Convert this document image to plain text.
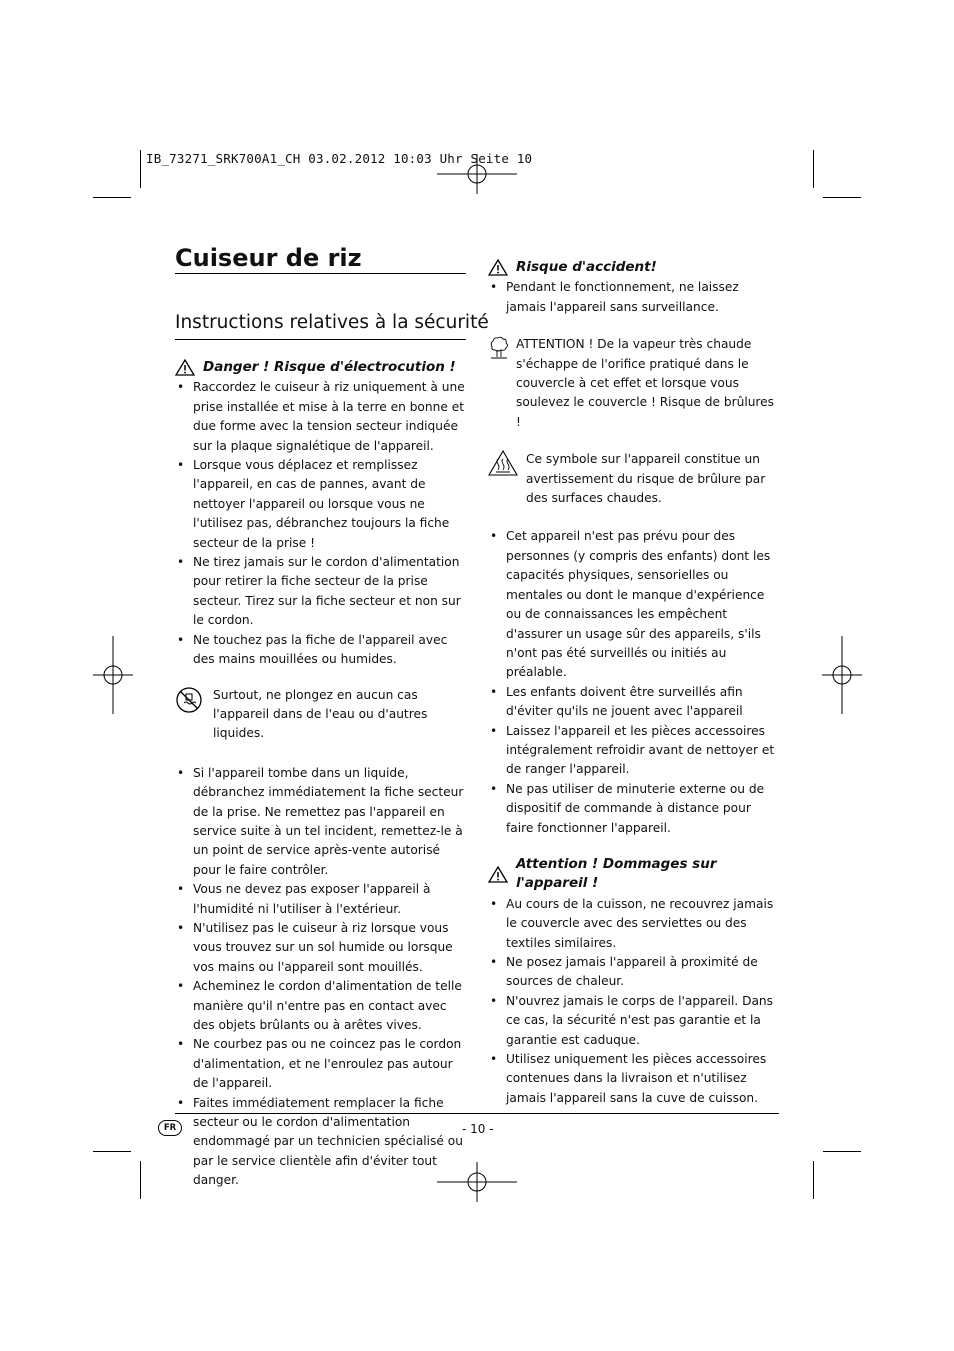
IB_73271_SRK700A1_CH 03.02.2012 10:03 Uhr Seite 10
Cuiseur de riz
Instructions relatives à la sécurité
Danger ! Risque d'électrocution !
• Raccordez le cuiseur à riz uniquement à une prise installée et mise à la terre en bonne et due forme avec la tension secteur indiquée sur la plaque signalétique de l'appareil.
• Lorsque vous déplacez et remplissez l'appareil, en cas de pannes, avant de nettoyer l'appareil ou lorsque vous ne l'utilisez pas, débranchez toujours la fiche secteur de la prise !
• Ne tirez jamais sur le cordon d'alimentation pour retirer la fiche secteur de la prise secteur. Tirez sur la fiche secteur et non sur le cordon.
• Ne touchez pas la fiche de l'appareil avec des mains mouillées ou humides.
Surtout, ne plongez en aucun cas l'appareil dans de l'eau ou d'autres liquides.
• Si l'appareil tombe dans un liquide, débranchez immédiatement la fiche secteur de la prise. Ne remettez pas l'appareil en service suite à un tel incident, remettez-le à un point de service après-vente autorisé pour le faire contrôler.
• Vous ne devez pas exposer l'appareil à l'humidité ni l'utiliser à l'extérieur.
• N'utilisez pas le cuiseur à riz lorsque vous vous trouvez sur un sol humide ou lorsque vos mains ou l'appareil sont mouillés.
• Acheminez le cordon d'alimentation de telle manière qu'il n'entre pas en contact avec des objets brûlants ou à arêtes vives.
• Ne courbez pas ou ne coincez pas le cordon d'alimentation, et ne l'enroulez pas autour de l'appareil.
• Faites immédiatement remplacer la fiche secteur ou le cordon d'alimentation endommagé par un technicien spécialisé ou par le service clientèle afin d'éviter tout danger.
Risque d'accident!
• Pendant le fonctionnement, ne laissez jamais l'appareil sans surveillance.
ATTENTION ! De la vapeur très chaude s'échappe de l'orifice pratiqué dans le couvercle à cet effet et lorsque vous soulevez le couvercle ! Risque de brûlures !
Ce symbole sur l'appareil constitue un avertissement du risque de brûlure par des surfaces chaudes.
• Cet appareil n'est pas prévu pour des personnes (y compris des enfants) dont les capacités physiques, sensorielles ou mentales ou dont le manque d'expérience ou de connaissances les empêchent d'assurer un usage sûr des appareils, s'ils n'ont pas été surveillés ou initiés au préalable.
• Les enfants doivent être surveillés afin d'éviter qu'ils ne jouent avec l'appareil
• Laissez l'appareil et les pièces accessoires intégralement refroidir avant de nettoyer et de ranger l'appareil.
• Ne pas utiliser de minuterie externe ou de dispositif de commande à distance pour faire fonctionner l'appareil.
Attention ! Dommages sur l'appareil !
• Au cours de la cuisson, ne recouvrez jamais le couvercle avec des serviettes ou des textiles similaires.
• Ne posez jamais l'appareil à proximité de sources de chaleur.
• N'ouvrez jamais le corps de l'appareil. Dans ce cas, la sécurité n'est pas garantie et la garantie est caduque.
• Utilisez uniquement les pièces accessoires contenues dans la livraison et n'utilisez jamais l'appareil sans la cuve de cuisson.
FR	- 10 -
